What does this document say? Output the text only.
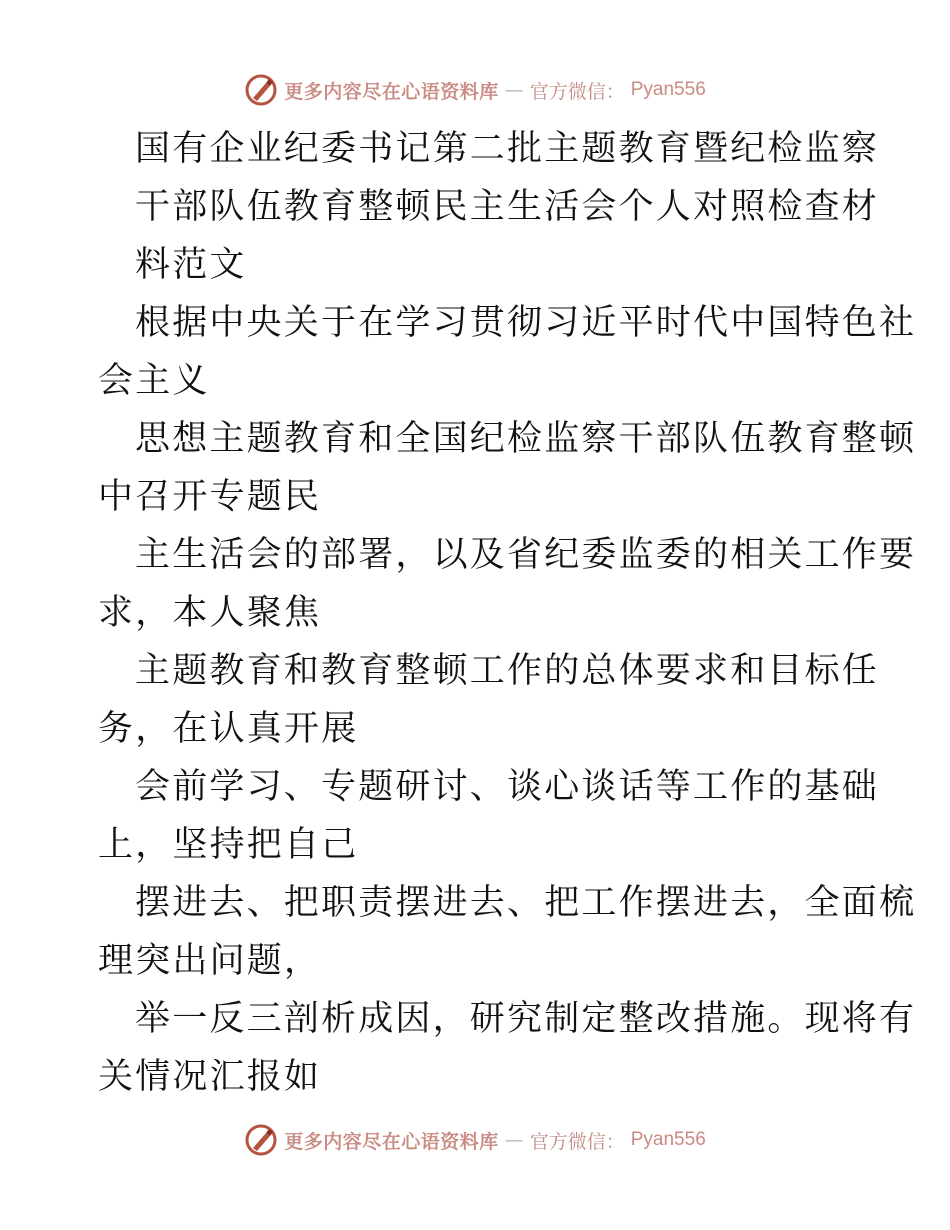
更多内容尽在心语资料库 — 官方微信： Pyan556
国有企业纪委书记第二批主题教育暨纪检监察
干部队伍教育整顿民主生活会个人对照检查材
料范文
根据中央关于在学习贯彻习近平时代中国特色社
会主义
思想主题教育和全国纪检监察干部队伍教育整顿
中召开专题民
主生活会的部署，以及省纪委监委的相关工作要
求，本人聚焦
主题教育和教育整顿工作的总体要求和目标任
务，在认真开展
会前学习、专题研讨、谈心谈话等工作的基础
上，坚持把自己
摆进去、把职责摆进去、把工作摆进去，全面梳
理突出问题，
举一反三剖析成因，研究制定整改措施。现将有
关情况汇报如
更多内容尽在心语资料库 — 官方微信： Pyan556
